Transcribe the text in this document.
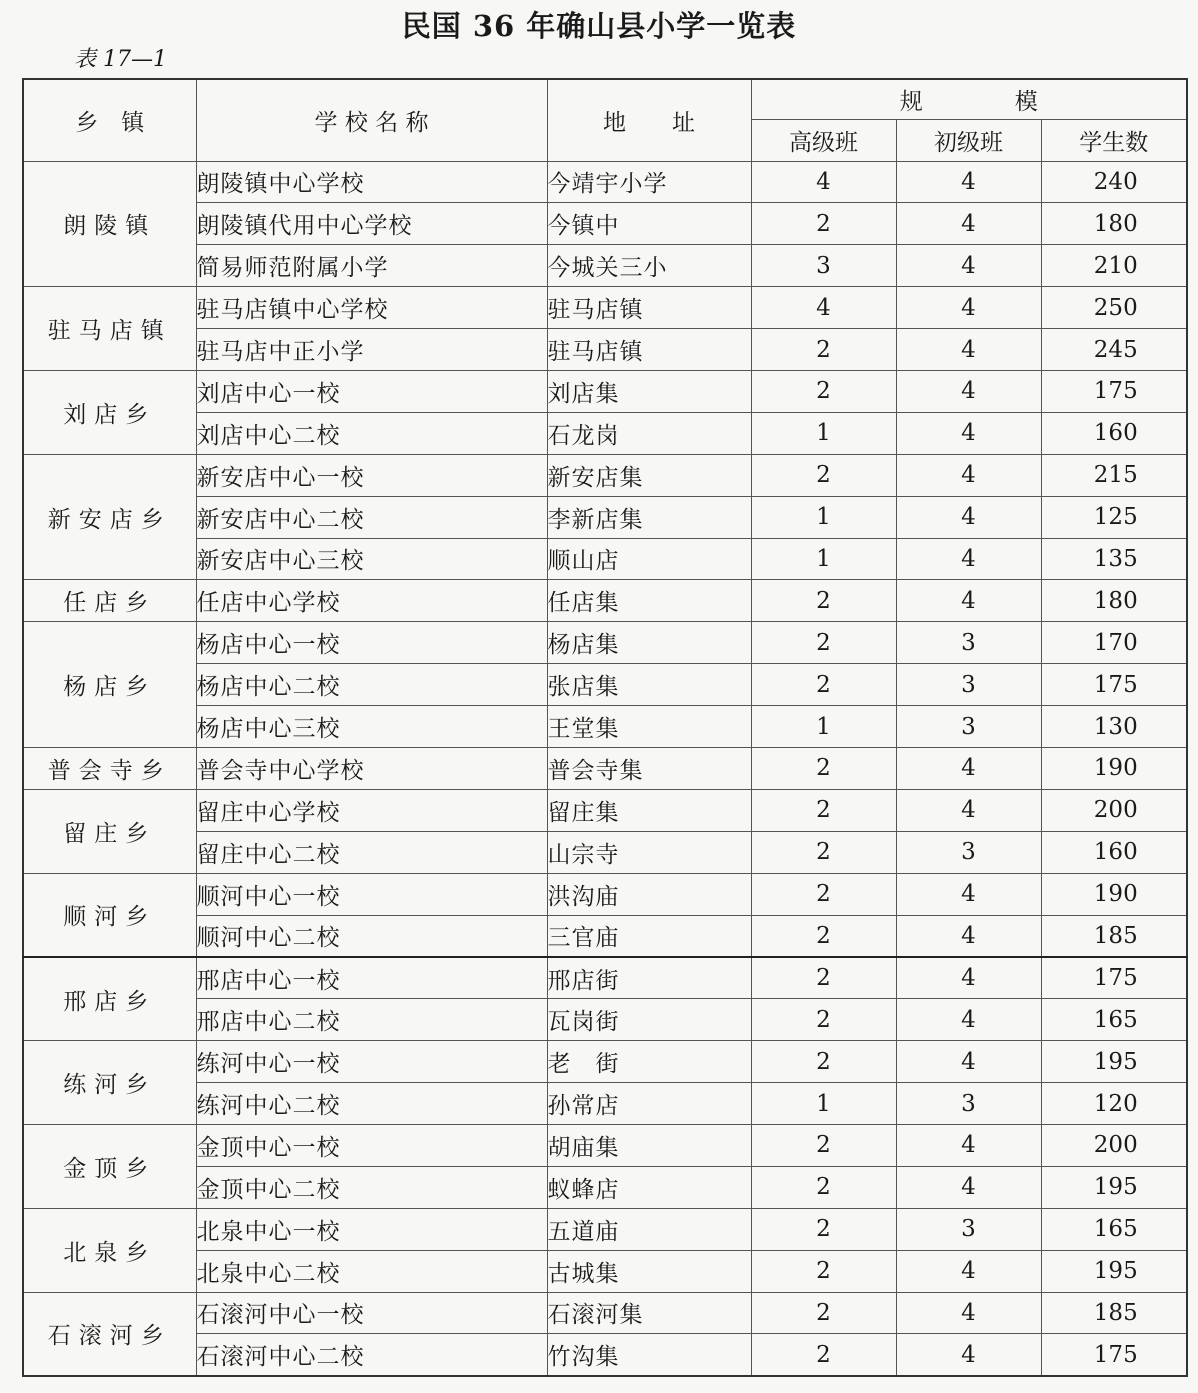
民国 36 年确山县小学一览表
表 17—1
乡　镇	学 校 名 称	地　　址	规　　　　模		
			高级班	初级班	学生数
朗陵镇	朗陵镇中心学校	今靖宇小学	4	4	240
	朗陵镇代用中心学校	今镇中	2	4	180
	简易师范附属小学	今城关三小	3	4	210
驻马店镇	驻马店镇中心学校	驻马店镇	4	4	250
	驻马店中正小学	驻马店镇	2	4	245
刘店乡	刘店中心一校	刘店集	2	4	175
	刘店中心二校	石龙岗	1	4	160
新安店乡	新安店中心一校	新安店集	2	4	215
	新安店中心二校	李新店集	1	4	125
	新安店中心三校	顺山店	1	4	135
任店乡	任店中心学校	任店集	2	4	180
杨店乡	杨店中心一校	杨店集	2	3	170
	杨店中心二校	张店集	2	3	175
	杨店中心三校	王堂集	1	3	130
普会寺乡	普会寺中心学校	普会寺集	2	4	190
留庄乡	留庄中心学校	留庄集	2	4	200
	留庄中心二校	山宗寺	2	3	160
顺河乡	顺河中心一校	洪沟庙	2	4	190
	顺河中心二校	三官庙	2	4	185
邢店乡	邢店中心一校	邢店街	2	4	175
	邢店中心二校	瓦岗街	2	4	165
练河乡	练河中心一校	老　街	2	4	195
	练河中心二校	孙常店	1	3	120
金顶乡	金顶中心一校	胡庙集	2	4	200
	金顶中心二校	蚁蜂店	2	4	195
北泉乡	北泉中心一校	五道庙	2	3	165
	北泉中心二校	古城集	2	4	195
石滚河乡	石滚河中心一校	石滚河集	2	4	185
	石滚河中心二校	竹沟集	2	4	175
